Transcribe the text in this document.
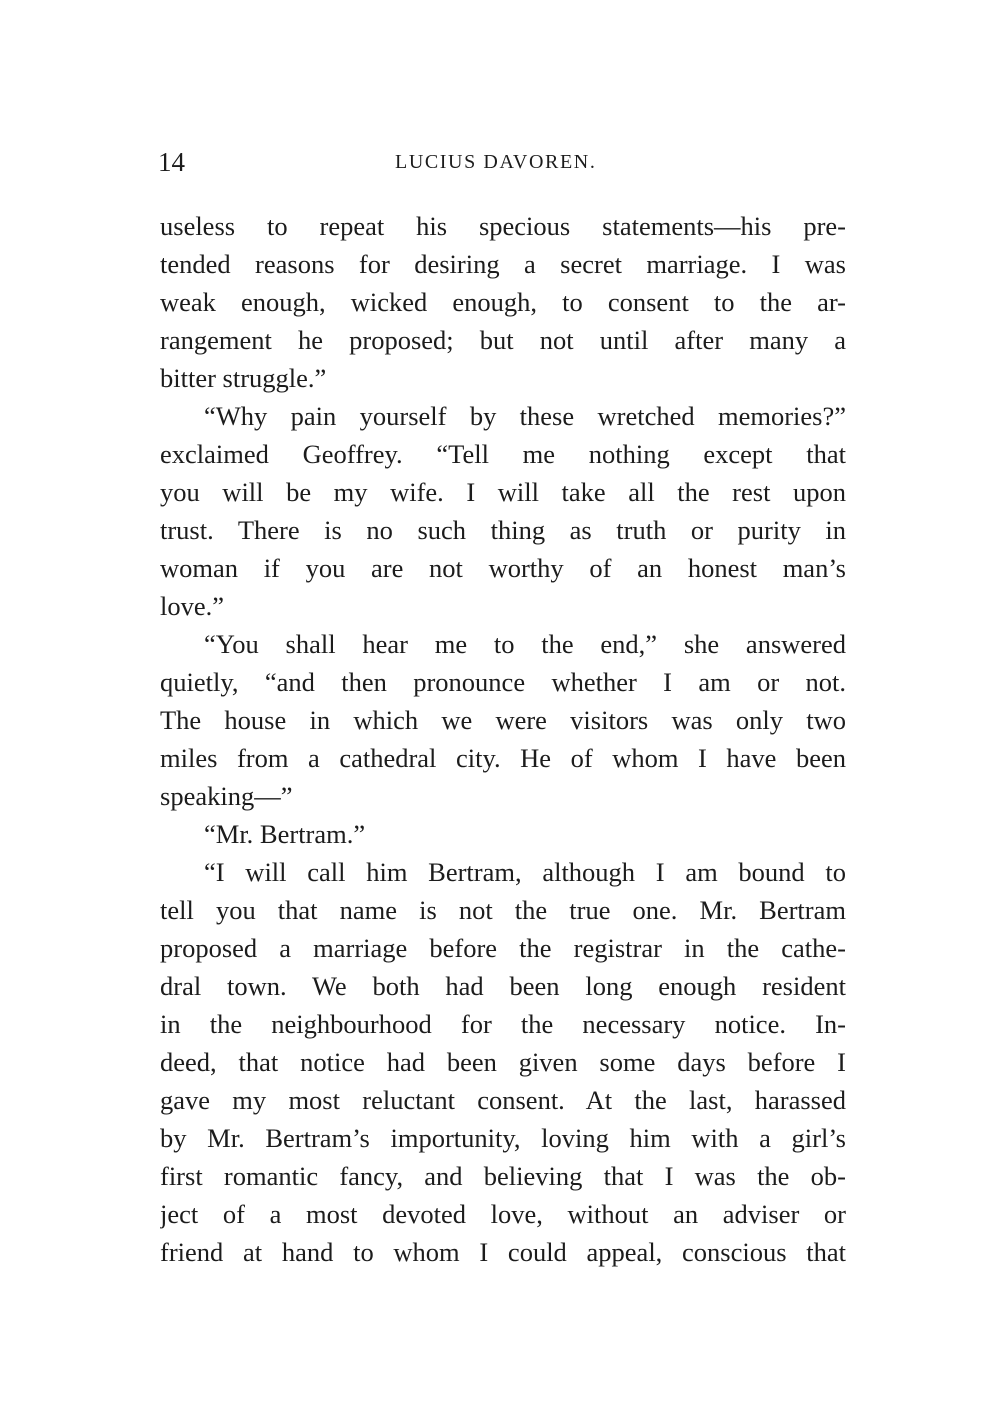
14	LUCIUS DAVOREN.
useless to repeat his specious statements—his pre-
tended reasons for desiring a secret marriage. I was
weak enough, wicked enough, to consent to the ar-
rangement he proposed; but not until after many a
bitter struggle.”
“Why pain yourself by these wretched memories?”
exclaimed Geoffrey. “Tell me nothing except that
you will be my wife. I will take all the rest upon
trust. There is no such thing as truth or purity in
woman if you are not worthy of an honest man’s
love.”
“You shall hear me to the end,” she answered
quietly, “and then pronounce whether I am or not.
The house in which we were visitors was only two
miles from a cathedral city. He of whom I have been
speaking—”
“Mr. Bertram.”
“I will call him Bertram, although I am bound to
tell you that name is not the true one. Mr. Bertram
proposed a marriage before the registrar in the cathe-
dral town. We both had been long enough resident
in the neighbourhood for the necessary notice. In-
deed, that notice had been given some days before I
gave my most reluctant consent. At the last, harassed
by Mr. Bertram’s importunity, loving him with a girl’s
first romantic fancy, and believing that I was the ob-
ject of a most devoted love, without an adviser or
friend at hand to whom I could appeal, conscious that
